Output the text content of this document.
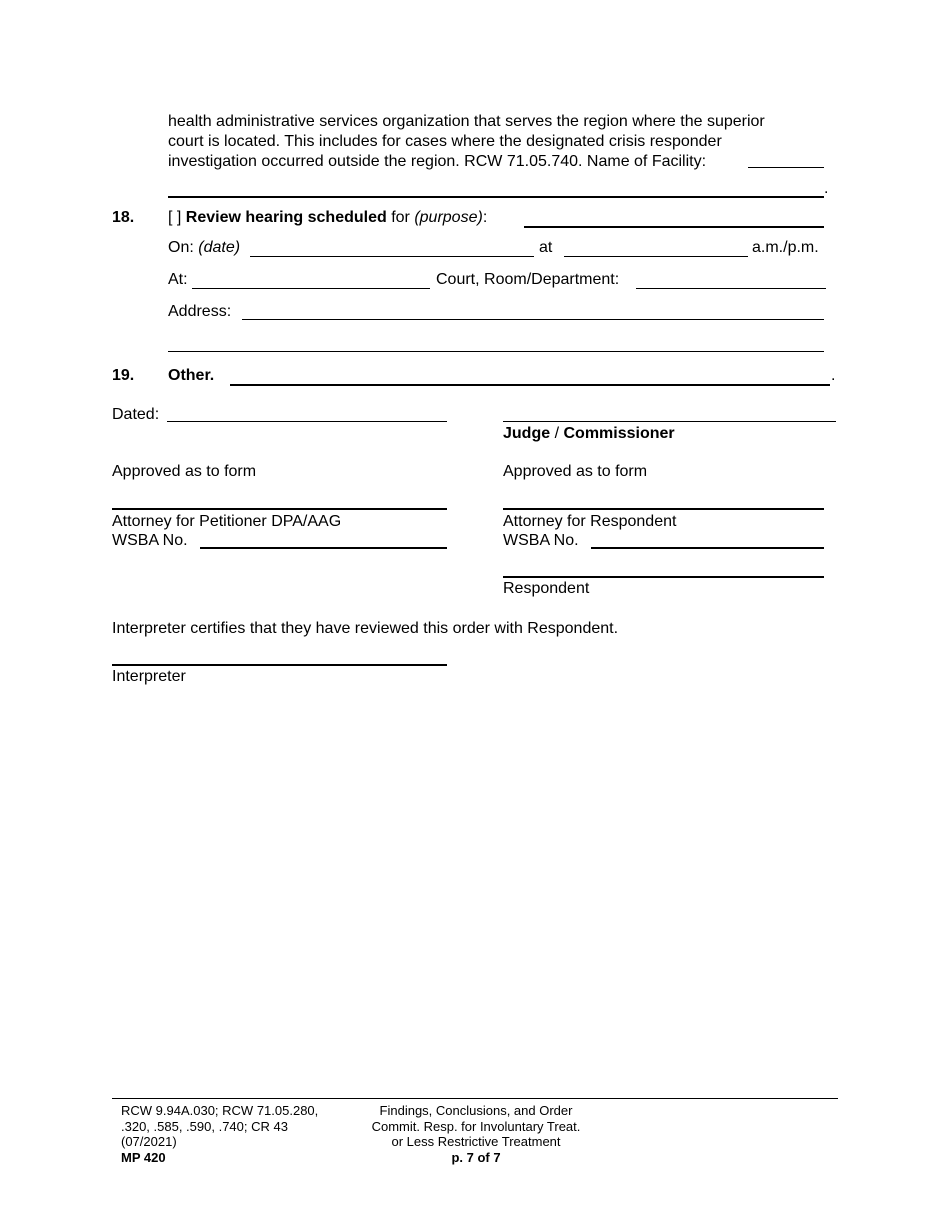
health administrative services organization that serves the region where the superior
court is located. This includes for cases where the designated crisis responder
investigation occurred outside the region. RCW 71.05.740. Name of Facility:
.
18. [ ] Review hearing scheduled for (purpose):
On: (date)	at	a.m./p.m.
At:	Court, Room/Department:
Address:
19. Other.	.
Dated:
Judge / Commissioner
Approved as to form	Approved as to form
Attorney for Petitioner DPA/AAG
WSBA No.
Attorney for Respondent
WSBA No.
Respondent
Interpreter certifies that they have reviewed this order with Respondent.
Interpreter
RCW 9.94A.030; RCW 71.05.280,
.320, .585, .590, .740; CR 43
(07/2021)
MP 420
Findings, Conclusions, and Order
Commit. Resp. for Involuntary Treat.
or Less Restrictive Treatment
p. 7 of 7
